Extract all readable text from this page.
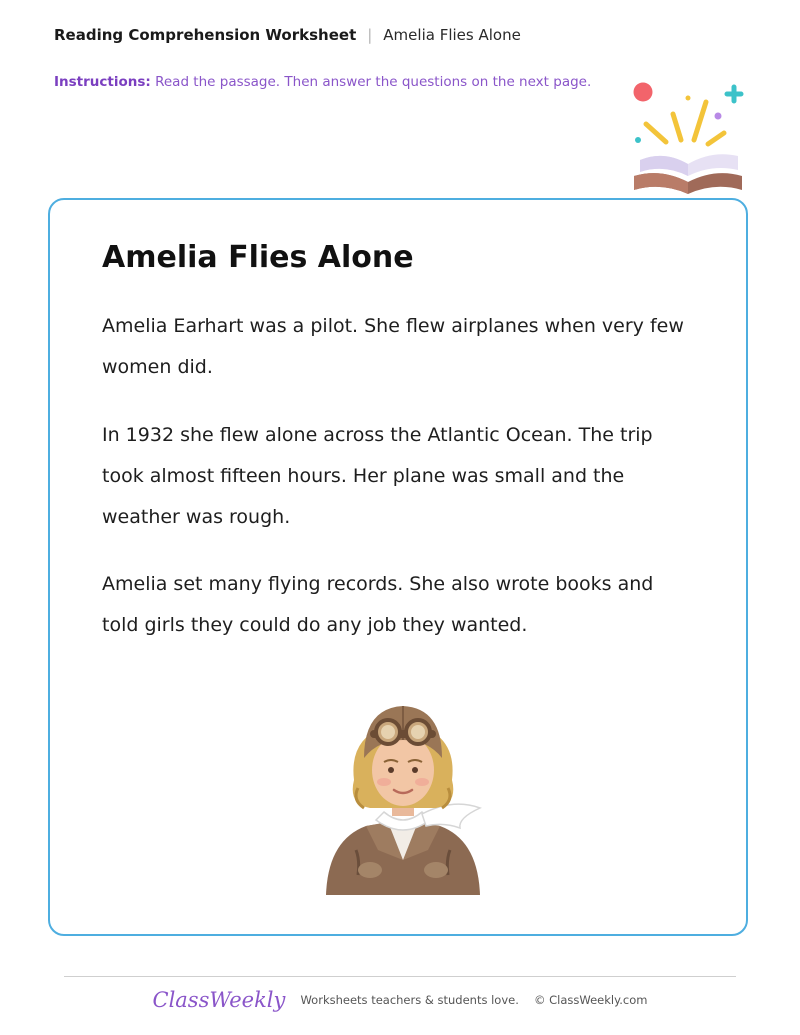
Reading Comprehension Worksheet | Amelia Flies Alone
Instructions: Read the passage. Then answer the questions on the next page.
Amelia Flies Alone

Amelia Earhart was a pilot. She flew airplanes when very few women did.

In 1932 she flew alone across the Atlantic Ocean. The trip took almost fifteen hours. Her plane was small and the weather was rough.

Amelia set many flying records. She also wrote books and told girls they could do any job they wanted.

ClassWeekly Worksheets teachers & students love. © ClassWeekly.com
